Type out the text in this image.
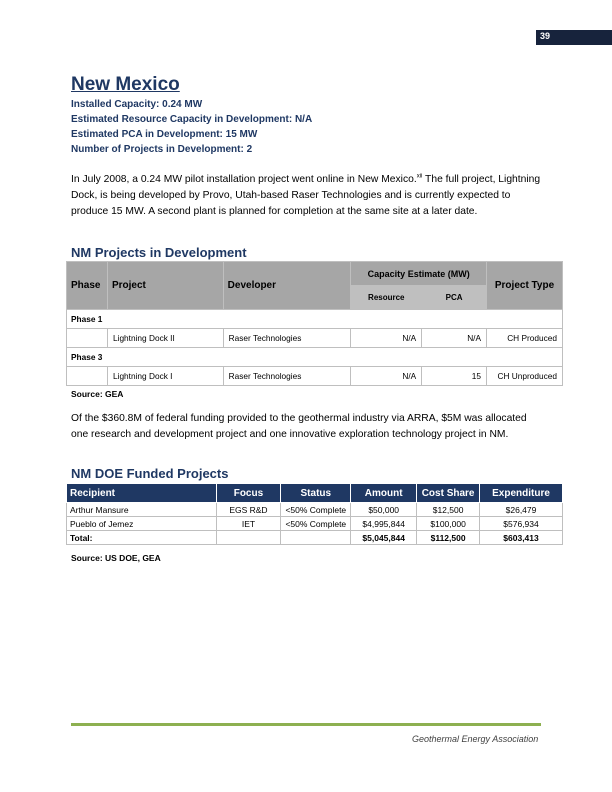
39
New Mexico
Installed Capacity: 0.24 MW
Estimated Resource Capacity in Development: N/A
Estimated PCA in Development: 15 MW
Number of Projects in Development: 2

In July 2008, a 0.24 MW pilot installation project went online in New Mexico.$^{xii}$ The full project, Lightning Dock, is being developed by Provo, Utah-based Raser Technologies and is currently expected to produce 15 MW. A second plant is planned for completion at the same site at a later date.

NM Projects in Development
Phase	Project	Developer	Capacity Estimate (MW)		Project Type
			Resource	PCA	
Phase 1					
	Lightning Dock II	Raser Technologies	N/A	N/A	CH Produced
Phase 3					
	Lightning Dock I	Raser Technologies	N/A	15	CH Unproduced
Source: GEA

Of the $360.8M of federal funding provided to the geothermal industry via ARRA, $5M was allocated one research and development project and one innovative exploration technology project in NM.

NM DOE Funded Projects
Recipient	Focus	Status	Amount	Cost Share	Expenditure
Arthur Mansure	EGS R&D	<50% Complete	$50,000	$12,500	$26,479
Pueblo of Jemez	IET	<50% Complete	$4,995,844	$100,000	$576,934
Total:			$5,045,844	$112,500	$603,413
Source: US DOE, GEA
Geothermal Energy Association
